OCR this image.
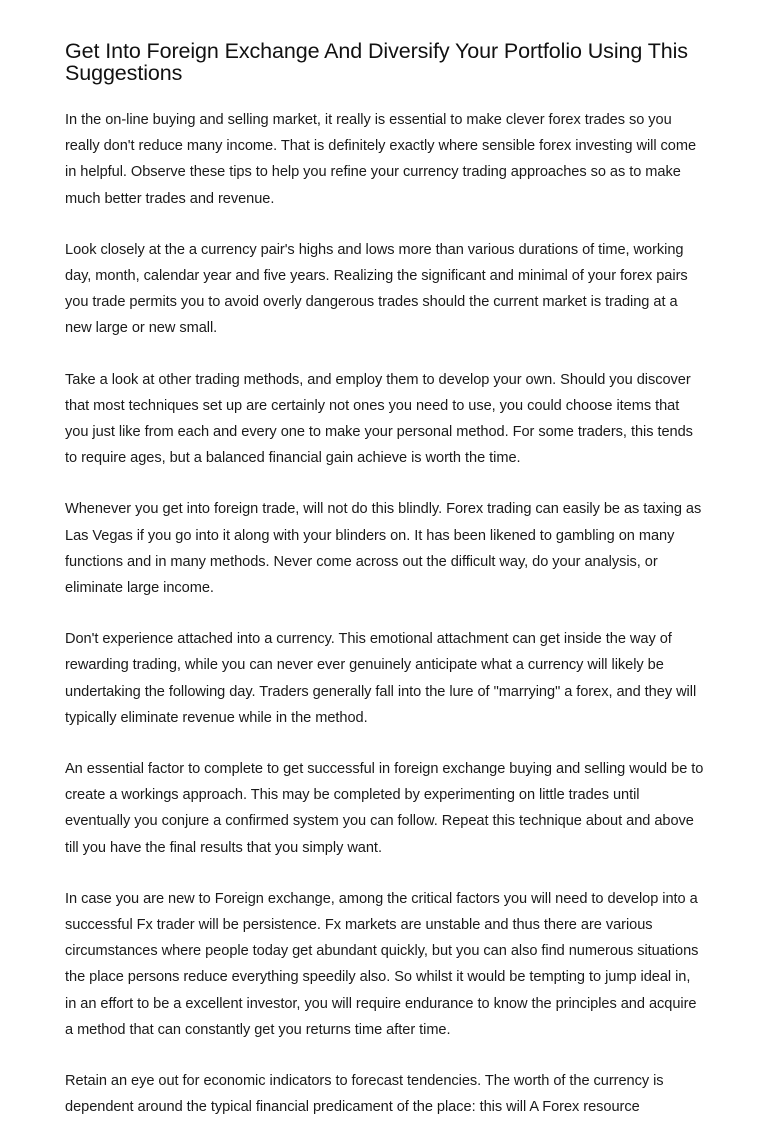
Get Into Foreign Exchange And Diversify Your Portfolio Using This Suggestions

In the on-line buying and selling market, it really is essential to make clever forex trades so you really don't reduce many income. That is definitely exactly where sensible forex investing will come in helpful. Observe these tips to help you refine your currency trading approaches so as to make much better trades and revenue.

Look closely at the a currency pair's highs and lows more than various durations of time, working day, month, calendar year and five years. Realizing the significant and minimal of your forex pairs you trade permits you to avoid overly dangerous trades should the current market is trading at a new large or new small.

Take a look at other trading methods, and employ them to develop your own. Should you discover that most techniques set up are certainly not ones you need to use, you could choose items that you just like from each and every one to make your personal method. For some traders, this tends to require ages, but a balanced financial gain achieve is worth the time.

Whenever you get into foreign trade, will not do this blindly. Forex trading can easily be as taxing as Las Vegas if you go into it along with your blinders on. It has been likened to gambling on many functions and in many methods. Never come across out the difficult way, do your analysis, or eliminate large income.

Don't experience attached into a currency. This emotional attachment can get inside the way of rewarding trading, while you can never ever genuinely anticipate what a currency will likely be undertaking the following day. Traders generally fall into the lure of "marrying" a forex, and they will typically eliminate revenue while in the method.

An essential factor to complete to get successful in foreign exchange buying and selling would be to create a workings approach. This may be completed by experimenting on little trades until eventually you conjure a confirmed system you can follow. Repeat this technique about and above till you have the final results that you simply want.

In case you are new to Foreign exchange, among the critical factors you will need to develop into a successful Fx trader will be persistence. Fx markets are unstable and thus there are various circumstances where people today get abundant quickly, but you can also find numerous situations the place persons reduce everything speedily also. So whilst it would be tempting to jump ideal in, in an effort to be a excellent investor, you will require endurance to know the principles and acquire a method that can constantly get you returns time after time.

Retain an eye out for economic indicators to forecast tendencies. The worth of the currency is dependent around the typical financial predicament of the place: this will A Forex resource
